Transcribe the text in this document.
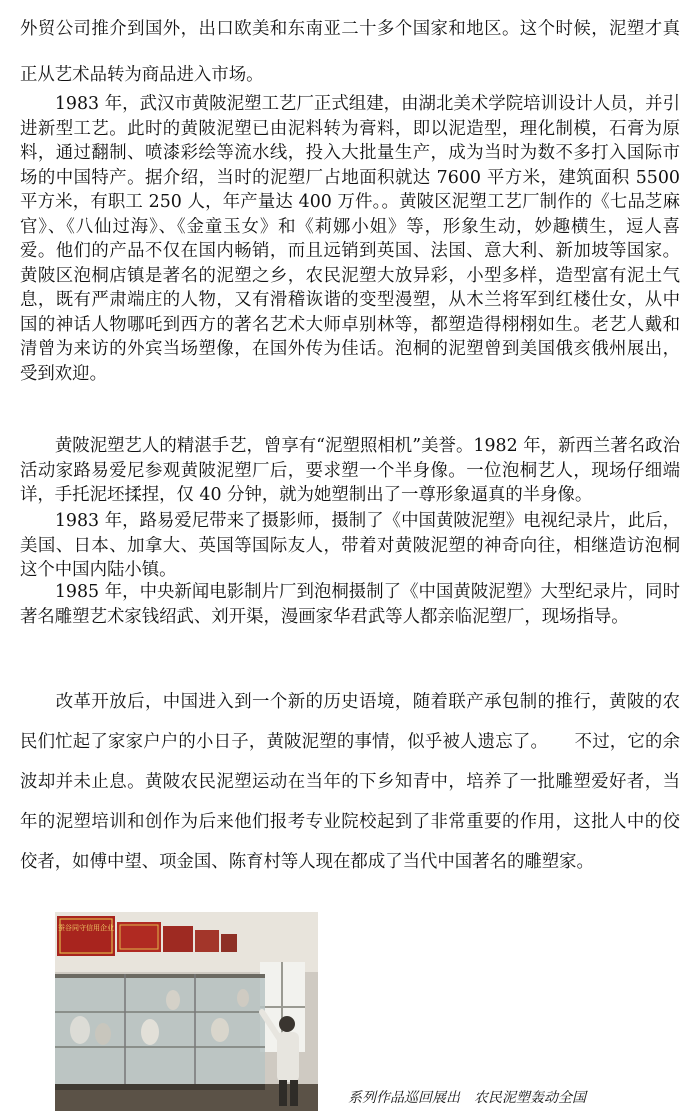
外贸公司推介到国外，出口欧美和东南亚二十多个国家和地区。这个时候，泥塑才真正从艺术品转为商品进入市场。

　　1983 年，武汉市黄陂泥塑工艺厂正式组建，由湖北美术学院培训设计人员，并引进新型工艺。此时的黄陂泥塑已由泥料转为膏料，即以泥造型，理化制模，石膏为原料，通过翻制、喷漆彩绘等流水线，投入大批量生产，成为当时为数不多打入国际市场的中国特产。据介绍，当时的泥塑厂占地面积就达 7600 平方米，建筑面积 5500 平方米，有职工 250 人，年产量达 400 万件。。黄陂区泥塑工艺厂制作的《七品芝麻官》、《八仙过海》、《金童玉女》和《莉娜小姐》等，形象生动，妙趣横生，逗人喜爱。他们的产品不仅在国内畅销，而且远销到英国、法国、意大利、新加坡等国家。黄陂区泡桐店镇是著名的泥塑之乡，农民泥塑大放异彩，小型多样，造型富有泥土气息，既有严肃端庄的人物，又有滑稽诙谐的变型漫塑，从木兰将军到红楼仕女，从中国的神话人物哪吒到西方的著名艺术大师卓别林等，都塑造得栩栩如生。老艺人戴和清曾为来访的外宾当场塑像，在国外传为佳话。泡桐的泥塑曾到美国俄亥俄州展出，受到欢迎。

　　黄陂泥塑艺人的精湛手艺，曾享有“泥塑照相机”美誉。1982 年，新西兰著名政治活动家路易爱尼参观黄陂泥塑厂后，要求塑一个半身像。一位泡桐艺人，现场仔细端详，手托泥坯揉捏，仅 40 分钟，就为她塑制出了一尊形象逼真的半身像。

　　1983 年，路易爱尼带来了摄影师，摄制了《中国黄陂泥塑》电视纪录片，此后，美国、日本、加拿大、英国等国际友人，带着对黄陂泥塑的神奇向往，相继造访泡桐这个中国内陆小镇。

　　1985 年，中央新闻电影制片厂到泡桐摄制了《中国黄陂泥塑》大型纪录片，同时著名雕塑艺术家钱绍武、刘开渠，漫画家华君武等人都亲临泥塑厂，现场指导。

　　改革开放后，中国进入到一个新的历史语境，随着联产承包制的推行，黄陂的农民们忙起了家家户户的小日子，黄陂泥塑的事情，似乎被人遗忘了。　　不过，它的余波却并未止息。黄陂农民泥塑运动在当年的下乡知青中，培养了一批雕塑爱好者，当年的泥塑培训和创作为后来他们报考专业院校起到了非常重要的作用，这批人中的佼佼者，如傅中望、项金国、陈育村等人现在都成了当代中国著名的雕塑家。

蚕谷同守信用企业
系列作品巡回展出　农民泥塑轰动全国
